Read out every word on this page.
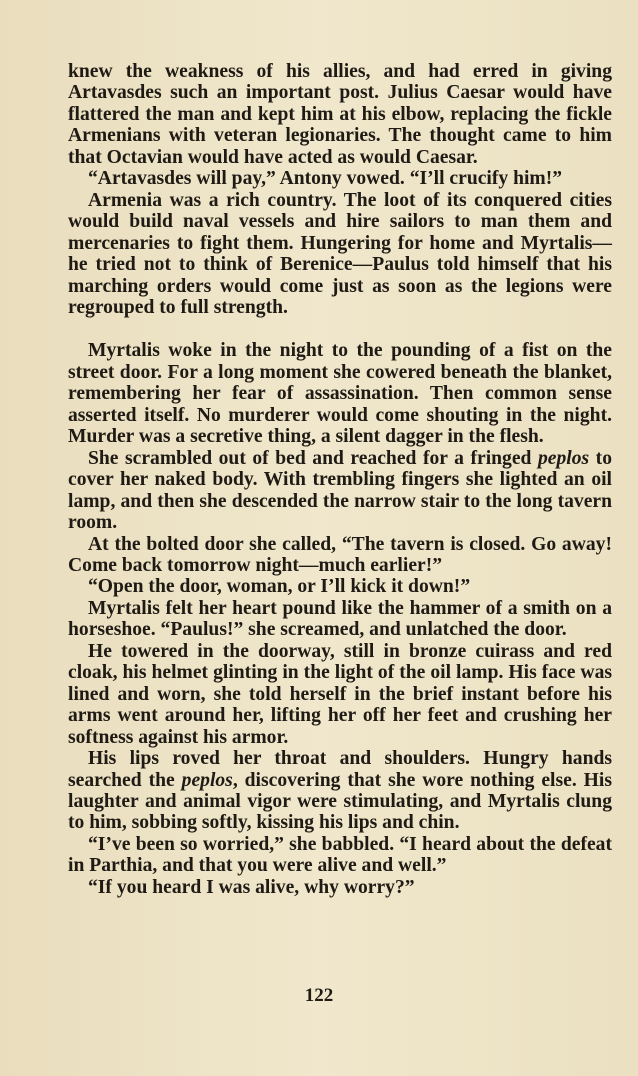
knew the weakness of his allies, and had erred in giving Artavasdes such an important post. Julius Caesar would have flattered the man and kept him at his elbow, replacing the fickle Armenians with veteran legionaries. The thought came to him that Octavian would have acted as would Caesar.

“Artavasdes will pay,” Antony vowed. “I’ll crucify him!”

Armenia was a rich country. The loot of its conquered cities would build naval vessels and hire sailors to man them and mercenaries to fight them. Hungering for home and Myrtalis—he tried not to think of Berenice—Paulus told himself that his marching orders would come just as soon as the legions were regrouped to full strength.

Myrtalis woke in the night to the pounding of a fist on the street door. For a long moment she cowered beneath the blanket, remembering her fear of assassination. Then common sense asserted itself. No murderer would come shouting in the night. Murder was a secretive thing, a silent dagger in the flesh.

She scrambled out of bed and reached for a fringed peplos to cover her naked body. With trembling fingers she lighted an oil lamp, and then she descended the narrow stair to the long tavern room.

At the bolted door she called, “The tavern is closed. Go away! Come back tomorrow night—much earlier!”

“Open the door, woman, or I’ll kick it down!”

Myrtalis felt her heart pound like the hammer of a smith on a horseshoe. “Paulus!” she screamed, and unlatched the door.

He towered in the doorway, still in bronze cuirass and red cloak, his helmet glinting in the light of the oil lamp. His face was lined and worn, she told herself in the brief instant before his arms went around her, lifting her off her feet and crushing her softness against his armor.

His lips roved her throat and shoulders. Hungry hands searched the peplos, discovering that she wore nothing else. His laughter and animal vigor were stimulating, and Myrtalis clung to him, sobbing softly, kissing his lips and chin.

“I’ve been so worried,” she babbled. “I heard about the defeat in Parthia, and that you were alive and well.”

“If you heard I was alive, why worry?”

122
